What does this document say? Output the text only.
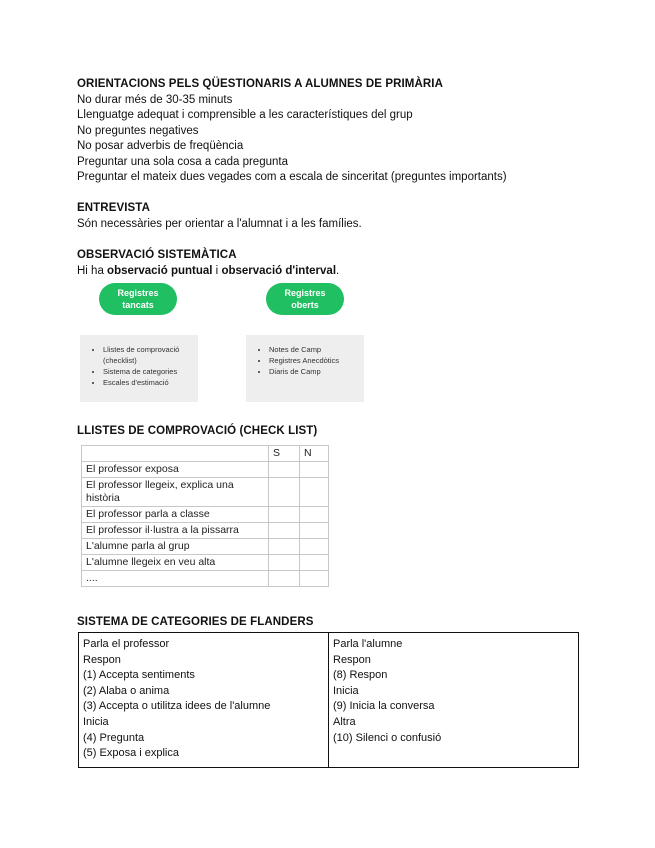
ORIENTACIONS PELS QÜESTIONARIS A ALUMNES DE PRIMÀRIA

No durar més de 30-35 minuts

Llenguatge adequat i comprensible a les característiques del grup

No preguntes negatives

No posar adverbis de freqüència

Preguntar una sola cosa a cada pregunta

Preguntar el mateix dues vegades com a escala de sinceritat (preguntes importants)

ENTREVISTA

Són necessàries per orientar a l'alumnat i a les famílies.

OBSERVACIÓ SISTEMÀTICA

Hi ha observació puntual i observació d'interval.

Registres tancats
Registres oberts
• Llistes de comprovació (checklist)
• Sistema de categories
• Escales d'estimació
• Notes de Camp
• Registres Anecdòtics
• Diaris de Camp

LLISTES DE COMPROVACIÓ (CHECK LIST)

	S	N
El professor exposa		
El professor llegeix, explica una història		
El professor parla a classe		
El professor il·lustra a la pissarra		
L'alumne parla al grup		
L'alumne llegeix en veu alta		
....		

SISTEMA DE CATEGORIES DE FLANDERS

Parla el professor
Respon
(1) Accepta sentiments
(2) Alaba o anima
(3) Accepta o utilitza idees de l'alumne
Inicia
(4) Pregunta
(5) Exposa i explica
Parla l'alumne
Respon
(8) Respon
Inicia
(9) Inicia la conversa
Altra
(10) Silenci o confusió
